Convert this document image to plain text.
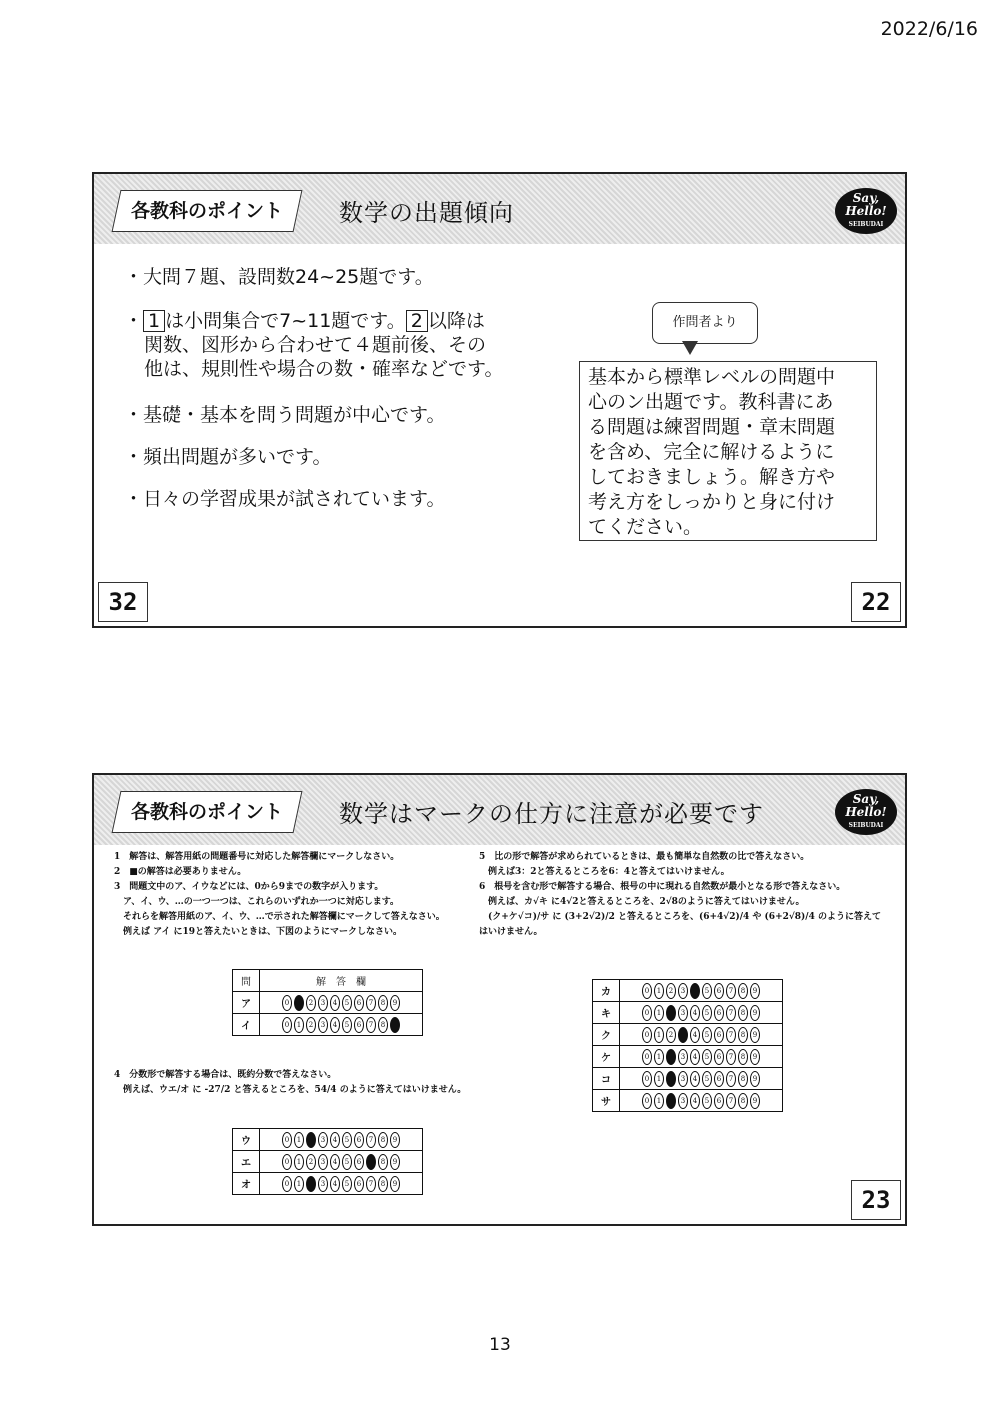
2022/6/16
各教科のポイント	数学の出題傾向
Say,
Hello!
SEIBUDAI
・大問７題、設問数24~25題です。
・ 1 は小問集合で7~11題です。 2 以降は
関数、図形から合わせて４題前後、その
他は、規則性や場合の数・確率などです。
・基礎・基本を問う問題が中心です。
・頻出問題が多いです。
・日々の学習成果が試されています。
作問者より
基本から標準レベルの問題中
心のン出題です。教科書にあ
る問題は練習問題・章末問題
を含め、完全に解けるように
しておきましょう。解き方や
考え方をしっかりと身に付け
てください。
32	22
各教科のポイント	数学はマークの仕方に注意が必要です
Say,
Hello!
SEIBUDAI
1　解答は、解答用紙の問題番号に対応した解答欄にマークしなさい。
2　■の解答は必要ありません。
3　問題文中のア、イウなどには、0から9までの数字が入ります。
　ア、イ、ウ、…の一つ一つは、これらのいずれか一つに対応します。
　それらを解答用紙のア、イ、ウ、…で示された解答欄にマークして答えなさい。
　例えば アイ に19と答えたいときは、下図のようにマークしなさい。
問	解　答　欄
ア	0 2 3 4 5 6 7 8 9
イ	0 1 2 3 4 5 6 7 8
4　分数形で解答する場合は、既約分数で答えなさい。
　例えば、ウエ/オ に -27/2 と答えるところを、54/4 のように答えてはいけません。
ウ	0 1 3 4 5 6 7 8 9
エ	0 1 2 3 4 5 6 8 9
オ	0 1 3 4 5 6 7 8 9
5　比の形で解答が求められているときは、最も簡単な自然数の比で答えなさい。
　例えば3：2と答えるところを6：4と答えてはいけません。
6　根号を含む形で解答する場合、根号の中に現れる自然数が最小となる形で答えなさい。
　例えば、カ√キ に4√2と答えるところを、2√8のように答えてはいけません。
　(ク+ケ√コ)/サ に (3+2√2)/2 と答えるところを、(6+4√2)/4 や (6+2√8)/4 のように答えて
はいけません。
カ	0 1 2 3 5 6 7 8 9
キ	0 1 3 4 5 6 7 8 9
ク	0 1 2 4 5 6 7 8 9
ケ	0 1 3 4 5 6 7 8 9
コ	0 1 3 4 5 6 7 8 9
サ	0 1 3 4 5 6 7 8 9
23
13
